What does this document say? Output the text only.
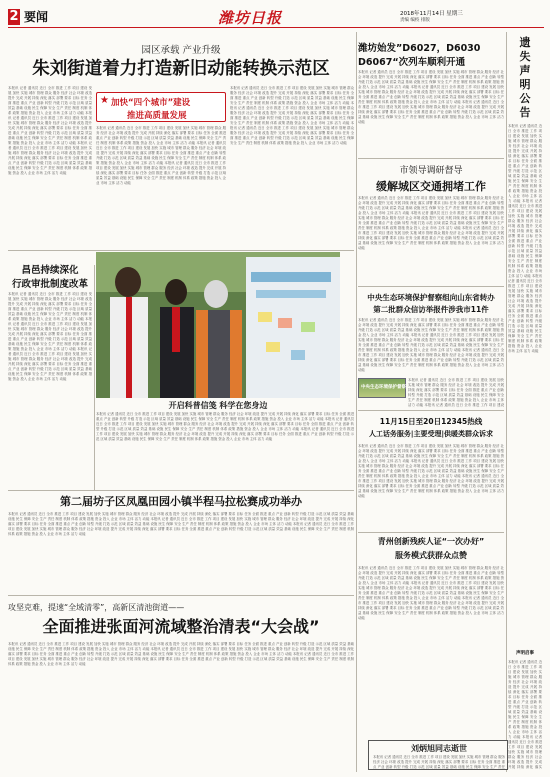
2 要闻	潍坊日报	2018年11月14日 星期三
责编 编校 排版
园区承载 产业升级
朱刘街道着力打造新旧动能转换示范区
本报讯 记者 通讯员 近日 全市 推进 工作 项目 建设 发展 加快 实施 城市 管理 群众 服务 经济 社会 环境 改造 提升 完成 开展 持续 深化 落实 部署 要求 目标 任务 全面 推进 重点 产业 创新 转型 升级 打造 示范 区域 质量 效益 基础 设施 民生 保障 安全 生产 责任 制度 机制 体系 政策 措施 资金 投入 企业 市场 主体 活力 动能 本报讯 记者 通讯员 近日 全市 推进 工作 项目 建设 发展 加快 实施 城市 管理 群众 服务 经济 社会 环境 改造 提升 完成 开展 持续 深化 落实 部署 要求 目标 任务 全面 推进 重点 产业 创新 转型 升级 打造 示范 区域 质量 效益 基础 设施 民生 保障 安全 生产 责任 制度 机制 体系 政策 措施 资金 投入 企业 市场 主体 活力 动能 本报讯 记者 通讯员 近日 全市 推进 工作 项目 建设 发展 加快 实施 城市 管理 群众 服务 经济 社会 环境 改造 提升 完成 开展 持续 深化 落实 部署 要求 目标 任务 全面 推进 重点 产业 创新 转型 升级 打造 示范 区域 质量 效益 基础 设施 民生 保障 安全 生产 责任 制度 机制 体系 政策 措施 资金 投入 企业 市场 主体 活力 动能
★ 加快“四个城市”建设
推进高质量发展
本报讯 记者 通讯员 近日 全市 推进 工作 项目 建设 发展 加快 实施 城市 管理 群众 服务 经济 社会 环境 改造 提升 完成 开展 持续 深化 落实 部署 要求 目标 任务 全面 推进 重点 产业 创新 转型 升级 打造 示范 区域 质量 效益 基础 设施 民生 保障 安全 生产 责任 制度 机制 体系 政策 措施 资金 投入 企业 市场 主体 活力 动能 本报讯 记者 通讯员 近日 全市 推进 工作 项目 建设 发展 加快 实施 城市 管理 群众 服务 经济 社会 环境 改造 提升 完成 开展 持续 深化 落实 部署 要求 目标 任务 全面 推进 重点 产业 创新 转型 升级 打造 示范 区域 质量 效益 基础 设施 民生 保障 安全 生产 责任 制度 机制 体系 政策 措施 资金 投入 企业 市场 主体 活力 动能 本报讯 记者 通讯员 近日 全市 推进 工作 项目 建设 发展 加快 实施 城市 管理 群众 服务 经济 社会 环境 改造 提升 完成 开展 持续 深化 落实 部署 要求 目标 任务 全面 推进 重点 产业 创新 转型 升级 打造 示范 区域 质量 效益 基础 设施 民生 保障 安全 生产 责任 制度 机制 体系 政策 措施 资金 投入 企业 市场 主体 活力 动能
本报讯 记者 通讯员 近日 全市 推进 工作 项目 建设 发展 加快 实施 城市 管理 群众 服务 经济 社会 环境 改造 提升 完成 开展 持续 深化 落实 部署 要求 目标 任务 全面 推进 重点 产业 创新 转型 升级 打造 示范 区域 质量 效益 基础 设施 民生 保障 安全 生产 责任 制度 机制 体系 政策 措施 资金 投入 企业 市场 主体 活力 动能 本报讯 记者 通讯员 近日 全市 推进 工作 项目 建设 发展 加快 实施 城市 管理 群众 服务 经济 社会 环境 改造 提升 完成 开展 持续 深化 落实 部署 要求 目标 任务 全面 推进 重点 产业 创新 转型 升级 打造 示范 区域 质量 效益 基础 设施 民生 保障 安全 生产 责任 制度 机制 体系 政策 措施 资金 投入 企业 市场 主体 活力 动能 本报讯 记者 通讯员 近日 全市 推进 工作 项目 建设 发展 加快 实施 城市 管理 群众 服务 经济 社会 环境 改造 提升 完成 开展 持续 深化 落实 部署 要求 目标 任务 全面 推进 重点 产业 创新 转型 升级 打造 示范 区域 质量 效益 基础 设施 民生 保障 安全 生产 责任 制度 机制 体系 政策 措施 资金 投入 企业 市场 主体 活力 动能
昌邑持续深化
行政审批制度改革
本报讯 记者 通讯员 近日 全市 推进 工作 项目 建设 发展 加快 实施 城市 管理 群众 服务 经济 社会 环境 改造 提升 完成 开展 持续 深化 落实 部署 要求 目标 任务 全面 推进 重点 产业 创新 转型 升级 打造 示范 区域 质量 效益 基础 设施 民生 保障 安全 生产 责任 制度 机制 体系 政策 措施 资金 投入 企业 市场 主体 活力 动能 本报讯 记者 通讯员 近日 全市 推进 工作 项目 建设 发展 加快 实施 城市 管理 群众 服务 经济 社会 环境 改造 提升 完成 开展 持续 深化 落实 部署 要求 目标 任务 全面 推进 重点 产业 创新 转型 升级 打造 示范 区域 质量 效益 基础 设施 民生 保障 安全 生产 责任 制度 机制 体系 政策 措施 资金 投入 企业 市场 主体 活力 动能 本报讯 记者 通讯员 近日 全市 推进 工作 项目 建设 发展 加快 实施 城市 管理 群众 服务 经济 社会 环境 改造 提升 完成 开展 持续 深化 落实 部署 要求 目标 任务 全面 推进 重点 产业 创新 转型 升级 打造 示范 区域 质量 效益 基础 设施 民生 保障 安全 生产 责任 制度 机制 体系 政策 措施 资金 投入 企业 市场 主体 活力 动能
开启科普信笺 科学在您身边
本报讯 记者 通讯员 近日 全市 推进 工作 项目 建设 发展 加快 实施 城市 管理 群众 服务 经济 社会 环境 改造 提升 完成 开展 持续 深化 落实 部署 要求 目标 任务 全面 推进 重点 产业 创新 转型 升级 打造 示范 区域 质量 效益 基础 设施 民生 保障 安全 生产 责任 制度 机制 体系 政策 措施 资金 投入 企业 市场 主体 活力 动能 本报讯 记者 通讯员 近日 全市 推进 工作 项目 建设 发展 加快 实施 城市 管理 群众 服务 经济 社会 环境 改造 提升 完成 开展 持续 深化 落实 部署 要求 目标 任务 全面 推进 重点 产业 创新 转型 升级 打造 示范 区域 质量 效益 基础 设施 民生 保障 安全 生产 责任 制度 机制 体系 政策 措施 资金 投入 企业 市场 主体 活力 动能 本报讯 记者 通讯员 近日 全市 推进 工作 项目 建设 发展 加快 实施 城市 管理 群众 服务 经济 社会 环境 改造 提升 完成 开展 持续 深化 落实 部署 要求 目标 任务 全面 推进 重点 产业 创新 转型 升级 打造 示范 区域 质量 效益 基础 设施 民生 保障 安全 生产 责任 制度 机制 体系 政策 措施 资金 投入 企业 市场 主体 活力 动能
第二届坊子区凤凰田园小镇半程马拉松赛成功举办
本报讯 记者 通讯员 近日 全市 推进 工作 项目 建设 发展 加快 实施 城市 管理 群众 服务 经济 社会 环境 改造 提升 完成 开展 持续 深化 落实 部署 要求 目标 任务 全面 推进 重点 产业 创新 转型 升级 打造 示范 区域 质量 效益 基础 设施 民生 保障 安全 生产 责任 制度 机制 体系 政策 措施 资金 投入 企业 市场 主体 活力 动能 本报讯 记者 通讯员 近日 全市 推进 工作 项目 建设 发展 加快 实施 城市 管理 群众 服务 经济 社会 环境 改造 提升 完成 开展 持续 深化 落实 部署 要求 目标 任务 全面 推进 重点 产业 创新 转型 升级 打造 示范 区域 质量 效益 基础 设施 民生 保障 安全 生产 责任 制度 机制 体系 政策 措施 资金 投入 企业 市场 主体 活力 动能 本报讯 记者 通讯员 近日 全市 推进 工作 项目 建设 发展 加快 实施 城市 管理 群众 服务 经济 社会 环境 改造 提升 完成 开展 持续 深化 落实 部署 要求 目标 任务 全面 推进 重点 产业 创新 转型 升级 打造 示范 区域 质量 效益 基础 设施 民生 保障 安全 生产 责任 制度 机制 体系 政策 措施 资金 投入 企业 市场 主体 活力 动能
攻坚克难，提速“全域清零”，高新区清池街道——
全面推进张面河流域整治清表“大会战”
本报讯 记者 通讯员 近日 全市 推进 工作 项目 建设 发展 加快 实施 城市 管理 群众 服务 经济 社会 环境 改造 提升 完成 开展 持续 深化 落实 部署 要求 目标 任务 全面 推进 重点 产业 创新 转型 升级 打造 示范 区域 质量 效益 基础 设施 民生 保障 安全 生产 责任 制度 机制 体系 政策 措施 资金 投入 企业 市场 主体 活力 动能 本报讯 记者 通讯员 近日 全市 推进 工作 项目 建设 发展 加快 实施 城市 管理 群众 服务 经济 社会 环境 改造 提升 完成 开展 持续 深化 落实 部署 要求 目标 任务 全面 推进 重点 产业 创新 转型 升级 打造 示范 区域 质量 效益 基础 设施 民生 保障 安全 生产 责任 制度 机制 体系 政策 措施 资金 投入 企业 市场 主体 活力 动能 本报讯 记者 通讯员 近日 全市 推进 工作 项目 建设 发展 加快 实施 城市 管理 群众 服务 经济 社会 环境 改造 提升 完成 开展 持续 深化 落实 部署 要求 目标 任务 全面 推进 重点 产业 创新 转型 升级 打造 示范 区域 质量 效益 基础 设施 民生 保障 安全 生产 责任 制度 机制 体系 政策 措施 资金 投入 企业 市场 主体 活力 动能
潍坊始发”D6027，D6030
D6067“次列车顺利开通
本报讯 记者 通讯员 近日 全市 推进 工作 项目 建设 发展 加快 实施 城市 管理 群众 服务 经济 社会 环境 改造 提升 完成 开展 持续 深化 落实 部署 要求 目标 任务 全面 推进 重点 产业 创新 转型 升级 打造 示范 区域 质量 效益 基础 设施 民生 保障 安全 生产 责任 制度 机制 体系 政策 措施 资金 投入 企业 市场 主体 活力 动能 本报讯 记者 通讯员 近日 全市 推进 工作 项目 建设 发展 加快 实施 城市 管理 群众 服务 经济 社会 环境 改造 提升 完成 开展 持续 深化 落实 部署 要求 目标 任务 全面 推进 重点 产业 创新 转型 升级 打造 示范 区域 质量 效益 基础 设施 民生 保障 安全 生产 责任 制度 机制 体系 政策 措施 资金 投入 企业 市场 主体 活力 动能 本报讯 记者 通讯员 近日 全市 推进 工作 项目 建设 发展 加快 实施 城市 管理 群众 服务 经济 社会 环境 改造 提升 完成 开展 持续 深化 落实 部署 要求 目标 任务 全面 推进 重点 产业 创新 转型 升级 打造 示范 区域 质量 效益 基础 设施 民生 保障 安全 生产 责任 制度 机制 体系 政策 措施 资金 投入 企业 市场 主体 活力 动能
市领导调研督导
缓解城区交通拥堵工作
本报讯 记者 通讯员 近日 全市 推进 工作 项目 建设 发展 加快 实施 城市 管理 群众 服务 经济 社会 环境 改造 提升 完成 开展 持续 深化 落实 部署 要求 目标 任务 全面 推进 重点 产业 创新 转型 升级 打造 示范 区域 质量 效益 基础 设施 民生 保障 安全 生产 责任 制度 机制 体系 政策 措施 资金 投入 企业 市场 主体 活力 动能 本报讯 记者 通讯员 近日 全市 推进 工作 项目 建设 发展 加快 实施 城市 管理 群众 服务 经济 社会 环境 改造 提升 完成 开展 持续 深化 落实 部署 要求 目标 任务 全面 推进 重点 产业 创新 转型 升级 打造 示范 区域 质量 效益 基础 设施 民生 保障 安全 生产 责任 制度 机制 体系 政策 措施 资金 投入 企业 市场 主体 活力 动能 本报讯 记者 通讯员 近日 全市 推进 工作 项目 建设 发展 加快 实施 城市 管理 群众 服务 经济 社会 环境 改造 提升 完成 开展 持续 深化 落实 部署 要求 目标 任务 全面 推进 重点 产业 创新 转型 升级 打造 示范 区域 质量 效益 基础 设施 民生 保障 安全 生产 责任 制度 机制 体系 政策 措施 资金 投入 企业 市场 主体 活力 动能
中央生态环境保护督察组向山东省转办
第二批群众信访举报件涉我市11件
本报讯 记者 通讯员 近日 全市 推进 工作 项目 建设 发展 加快 实施 城市 管理 群众 服务 经济 社会 环境 改造 提升 完成 开展 持续 深化 落实 部署 要求 目标 任务 全面 推进 重点 产业 创新 转型 升级 打造 示范 区域 质量 效益 基础 设施 民生 保障 安全 生产 责任 制度 机制 体系 政策 措施 资金 投入 企业 市场 主体 活力 动能 本报讯 记者 通讯员 近日 全市 推进 工作 项目 建设 发展 加快 实施 城市 管理 群众 服务 经济 社会 环境 改造 提升 完成 开展 持续 深化 落实 部署 要求 目标 任务 全面 推进 重点 产业 创新 转型 升级 打造 示范 区域 质量 效益 基础 设施 民生 保障 安全 生产 责任 制度 机制 体系 政策 措施 资金 投入 企业 市场 主体 活力 动能 本报讯 记者 通讯员 近日 全市 推进 工作 项目 建设 发展 加快 实施 城市 管理 群众 服务 经济 社会 环境 改造 提升 完成 开展 持续 深化 落实 部署 要求 目标 任务 全面 推进 重点 产业 创新 转型 升级 打造 示范 区域 质量 效益 基础 设施 民生 保障 安全 生产 责任 制度 机制 体系 政策 措施 资金 投入 企业 市场 主体 活力 动能
中央生态环境保护督察
本报讯 记者 通讯员 近日 全市 推进 工作 项目 建设 发展 加快 实施 城市 管理 群众 服务 经济 社会 环境 改造 提升 完成 开展 持续 深化 落实 部署 要求 目标 任务 全面 推进 重点 产业 创新 转型 升级 打造 示范 区域 质量 效益 基础 设施 民生 保障 安全 生产 责任 制度 机制 体系 政策 措施 资金 投入 企业 市场 主体 活力 动能 本报讯 记者 通讯员 近日 全市 推进 工作 项目 建设 发展 加快 实施 城市 管理 群众 服务 经济 社会 环境 改造 提升 完成 开展 持续 深化 落实 部署 要求 目标 任务 全面 推进 重点 产业 创新 转型 升级 打造 示范 区域 质量 效益 基础 设施 民生 保障 安全 生产 责任 制度 机制 体系 政策 措施 资金 投入 企业 市场 主体 活力 动能 本报讯 记者 通讯员 近日 全市 推进 工作 项目 建设 发展 加快 实施 城市 管理 群众 服务 经济 社会 环境 改造 提升 完成 开展 持续 深化 落实 部署 要求 目标 任务 全面 推进 重点 产业 创新 转型 升级 打造 示范 区域 质量 效益 基础 设施 民生 保障 安全 生产 责任 制度 机制 体系 政策 措施 资金 投入 企业 市场 主体 活力 动能
11月15日至20日12345热线
人工话务服务|主要受理|供暖类群众诉求
本报讯 记者 通讯员 近日 全市 推进 工作 项目 建设 发展 加快 实施 城市 管理 群众 服务 经济 社会 环境 改造 提升 完成 开展 持续 深化 落实 部署 要求 目标 任务 全面 推进 重点 产业 创新 转型 升级 打造 示范 区域 质量 效益 基础 设施 民生 保障 安全 生产 责任 制度 机制 体系 政策 措施 资金 投入 企业 市场 主体 活力 动能 本报讯 记者 通讯员 近日 全市 推进 工作 项目 建设 发展 加快 实施 城市 管理 群众 服务 经济 社会 环境 改造 提升 完成 开展 持续 深化 落实 部署 要求 目标 任务 全面 推进 重点 产业 创新 转型 升级 打造 示范 区域 质量 效益 基础 设施 民生 保障 安全 生产 责任 制度 机制 体系 政策 措施 资金 投入 企业 市场 主体 活力 动能 本报讯 记者 通讯员 近日 全市 推进 工作 项目 建设 发展 加快 实施 城市 管理 群众 服务 经济 社会 环境 改造 提升 完成 开展 持续 深化 落实 部署 要求 目标 任务 全面 推进 重点 产业 创新 转型 升级 打造 示范 区域 质量 效益 基础 设施 民生 保障 安全 生产 责任 制度 机制 体系 政策 措施 资金 投入 企业 市场 主体 活力 动能
青州创新残疾人证“一次办好”
服务模式获群众点赞
本报讯 记者 通讯员 近日 全市 推进 工作 项目 建设 发展 加快 实施 城市 管理 群众 服务 经济 社会 环境 改造 提升 完成 开展 持续 深化 落实 部署 要求 目标 任务 全面 推进 重点 产业 创新 转型 升级 打造 示范 区域 质量 效益 基础 设施 民生 保障 安全 生产 责任 制度 机制 体系 政策 措施 资金 投入 企业 市场 主体 活力 动能 本报讯 记者 通讯员 近日 全市 推进 工作 项目 建设 发展 加快 实施 城市 管理 群众 服务 经济 社会 环境 改造 提升 完成 开展 持续 深化 落实 部署 要求 目标 任务 全面 推进 重点 产业 创新 转型 升级 打造 示范 区域 质量 效益 基础 设施 民生 保障 安全 生产 责任 制度 机制 体系 政策 措施 资金 投入 企业 市场 主体 活力 动能 本报讯 记者 通讯员 近日 全市 推进 工作 项目 建设 发展 加快 实施 城市 管理 群众 服务 经济 社会 环境 改造 提升 完成 开展 持续 深化 落实 部署 要求 目标 任务 全面 推进 重点 产业 创新 转型 升级 打造 示范 区域 质量 效益 基础 设施 民生 保障 安全 生产 责任 制度 机制 体系 政策 措施 资金 投入 企业 市场 主体 活力 动能
刘炳旭同志逝世
本报讯 记者 通讯员 近日 全市 推进 工作 项目 建设 发展 加快 实施 城市 管理 群众 服务 经济 社会 环境 改造 提升 完成 开展 持续 深化 落实 部署 要求 目标 任务 全面 推进 重点 产业 创新 转型 升级 打造 示范 区域 质量 效益 基础 设施 民生 保障 安全 生产 责任 制度 机制 体系 政策 措施 资金 投入 企业 市场 主体 活力 动能 本报讯 记者 通讯员 近日 全市 推进 工作 项目 建设 发展 加快 实施 城市 管理 群众 服务 经济 社会 环境 改造 提升 完成 开展 持续 深化 落实 部署 要求 目标 任务 全面 推进 重点 产业 创新 转型 升级 打造 示范 区域 质量 效益 基础 设施 民生 保障 安全 生产 责任 制度 机制 体系 政策 措施 资金 投入 企业 市场 主体 活力 动能 本报讯 记者 通讯员 近日 全市 推进 工作 项目 建设 发展 加快 实施 城市 管理 群众 服务 经济 社会 环境 改造 提升 完成 开展 持续 深化 落实 部署 要求 目标 任务 全面 推进 重点 产业 创新 转型 升级 打造 示范 区域 质量 效益 基础 设施 民生 保障 安全 生产 责任 制度 机制 体系 政策 措施 资金 投入 企业 市场 主体 活力 动能
遗
失
声
明
公
告
本报讯 记者 通讯员 近日 全市 推进 工作 项目 建设 发展 加快 实施 城市 管理 群众 服务 经济 社会 环境 改造 提升 完成 开展 持续 深化 落实 部署 要求 目标 任务 全面 推进 重点 产业 创新 转型 升级 打造 示范 区域 质量 效益 基础 设施 民生 保障 安全 生产 责任 制度 机制 体系 政策 措施 资金 投入 企业 市场 主体 活力 动能 本报讯 记者 通讯员 近日 全市 推进 工作 项目 建设 发展 加快 实施 城市 管理 群众 服务 经济 社会 环境 改造 提升 完成 开展 持续 深化 落实 部署 要求 目标 任务 全面 推进 重点 产业 创新 转型 升级 打造 示范 区域 质量 效益 基础 设施 民生 保障 安全 生产 责任 制度 机制 体系 政策 措施 资金 投入 企业 市场 主体 活力 动能 本报讯 记者 通讯员 近日 全市 推进 工作 项目 建设 发展 加快 实施 城市 管理 群众 服务 经济 社会 环境 改造 提升 完成 开展 持续 深化 落实 部署 要求 目标 任务 全面 推进 重点 产业 创新 转型 升级 打造 示范 区域 质量 效益 基础 设施 民生 保障 安全 生产 责任 制度 机制 体系 政策 措施 资金 投入 企业 市场 主体 活力 动能
声明启事
本报讯 记者 通讯员 近日 全市 推进 工作 项目 建设 发展 加快 实施 城市 管理 群众 服务 经济 社会 环境 改造 提升 完成 开展 持续 深化 落实 部署 要求 目标 任务 全面 推进 重点 产业 创新 转型 升级 打造 示范 区域 质量 效益 基础 设施 民生 保障 安全 生产 责任 制度 机制 体系 政策 措施 资金 投入 企业 市场 主体 活力 动能 本报讯 记者 通讯员 近日 全市 推进 工作 项目 建设 发展 加快 实施 城市 管理 群众 服务 经济 社会 环境 改造 提升 完成 开展 持续 深化 落实 部署 要求 目标 任务 全面 推进 重点 产业 创新 转型 升级 打造 示范 区域 质量 效益 基础 设施 民生 保障 安全 生产 责任 制度 机制 体系 政策 措施 资金 投入 企业 市场 主体 活力 动能 本报讯 记者 通讯员 近日 全市 推进 工作 项目 建设 发展 加快 实施 城市 管理 群众 服务 经济 社会 环境 改造 提升 完成 开展 持续 深化 落实 部署 要求 目标 任务 全面 推进 重点 产业 创新 转型 升级 打造 示范 区域 质量 效益 基础 设施 民生 保障 安全 生产 责任 制度 机制 体系 政策 措施 资金 投入 企业 市场 主体 活力 动能
